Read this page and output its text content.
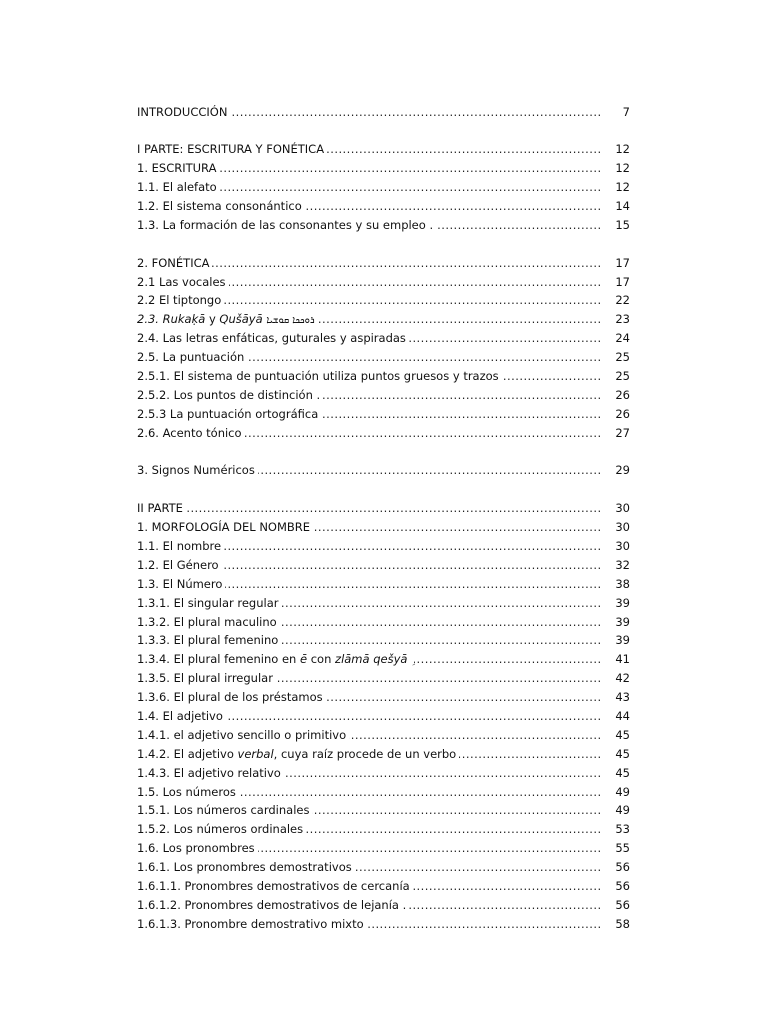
. . .
INTRODUCCIÓN	7
. . .
I PARTE: ESCRITURA Y FONÉTICA	12
. . .
1. ESCRITURA	12
. . .
1.1. El alefato	12
. . .
1.2. El sistema consonántico	14
. . .
1.3. La formación de las consonantes y su empleo .	15
. . .
2. FONÉTICA	17
. . .
2.1 Las vocales	17
. . .
2.2 El tiptongo	22
. . .
2.3. Rukaḳā y Qušāyā ܪܘܟܟܐ ܩܘܫܝܐ	23
. . .
2.4. Las letras enfáticas, guturales y aspiradas	24
. . .
2.5. La puntuación	25
. . .
2.5.1. El sistema de puntuación utiliza puntos gruesos y trazos	25
. . .
2.5.2. Los puntos de distinción .	26
. . .
2.5.3 La puntuación ortográfica	26
. . .
2.6. Acento tónico	27
. . .
3. Signos Numéricos	29
. . .
II PARTE	30
. . .
1. MORFOLOGÍA DEL NOMBRE	30
. . .
1.1. El nombre	30
. . .
1.2. El Género	32
. . .
1.3. El Número	38
. . .
1.3.1. El singular regular	39
. . .
1.3.2. El plural maculino	39
. . .
1.3.3. El plural femenino	39
. . .
1.3.4. El plural femenino en ē con zlāmā qešyā	41
. . .
1.3.5. El plural irregular	42
. . .
1.3.6. El plural de los préstamos	43
. . .
1.4. El adjetivo	44
. . .
1.4.1. el adjetivo sencillo o primitivo	45
. . .
1.4.2. El adjetivo verbal, cuya raíz procede de un verbo	45
. . .
1.4.3. El adjetivo relativo	45
. . .
1.5. Los números	49
. . .
1.5.1. Los números cardinales	49
. . .
1.5.2. Los números ordinales	53
. . .
1.6. Los pronombres	55
. . .
1.6.1. Los pronombres demostrativos	56
. . .
1.6.1.1. Pronombres demostrativos de cercanía	56
. . .
1.6.1.2. Pronombres demostrativos de lejanía .	56
. . .
1.6.1.3. Pronombre demostrativo mixto	58
